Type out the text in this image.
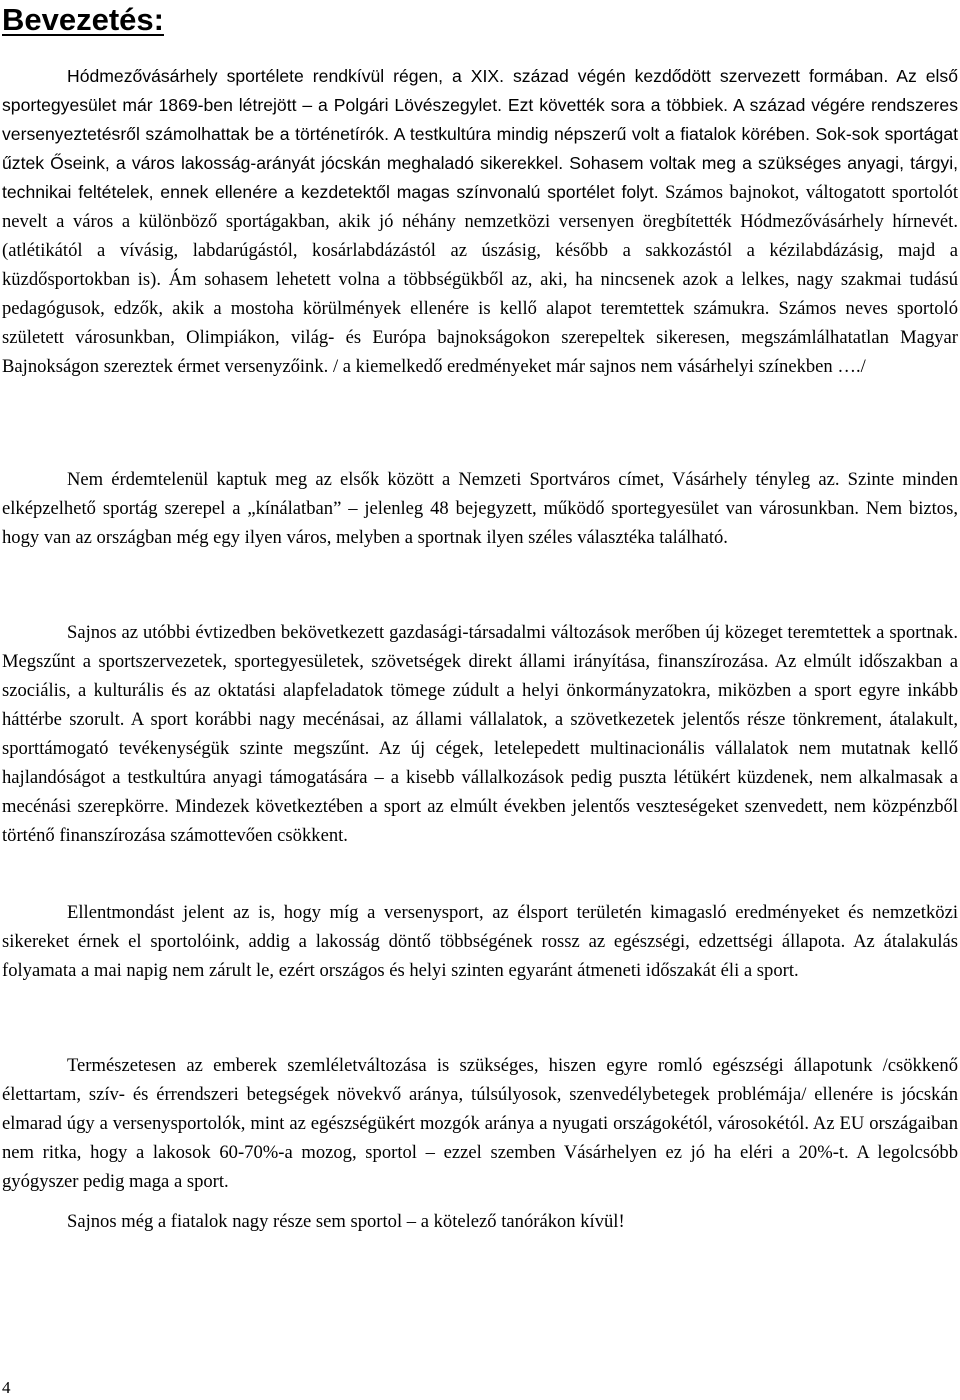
Bevezetés:

Hódmezővásárhely sportélete rendkívül régen, a XIX. század végén kezdődött szervezett formában. Az első sportegyesület már 1869-ben létrejött – a Polgári Lövészegylet. Ezt követték sora a többiek. A század végére rendszeres versenyeztetésről számolhattak be a történetírók. A testkultúra mindig népszerű volt a fiatalok körében. Sok-sok sportágat űztek Őseink, a város lakosság-arányát jócskán meghaladó sikerekkel. Sohasem voltak meg a szükséges anyagi, tárgyi, technikai feltételek, ennek ellenére a kezdetektől magas színvonalú sportélet folyt. Számos bajnokot, váltogatott sportolót nevelt a város a különböző sportágakban, akik jó néhány nemzetközi versenyen öregbítették Hódmezővásárhely hírnevét. (atlétikától a vívásig, labdarúgástól, kosárlabdázástól az úszásig, később a sakkozástól a kézilabdázásig, majd a küzdősportokban is). Ám sohasem lehetett volna a többségükből az, aki, ha nincsenek azok a lelkes, nagy szakmai tudású pedagógusok, edzők, akik a mostoha körülmények ellenére is kellő alapot teremtettek számukra. Számos neves sportoló született városunkban, Olimpiákon, világ- és Európa bajnokságokon szerepeltek sikeresen, megszámlálhatatlan Magyar Bajnokságon szereztek érmet versenyzőink. / a kiemelkedő eredményeket már sajnos nem vásárhelyi színekben …./

Nem érdemtelenül kaptuk meg az elsők között a Nemzeti Sportváros címet, Vásárhely tényleg az. Szinte minden elképzelhető sportág szerepel a „kínálatban” – jelenleg 48 bejegyzett, működő sportegyesület van városunkban. Nem biztos, hogy van az országban még egy ilyen város, melyben a sportnak ilyen széles választéka található.

Sajnos az utóbbi évtizedben bekövetkezett gazdasági-társadalmi változások merőben új közeget teremtettek a sportnak. Megszűnt a sportszervezetek, sportegyesületek, szövetségek direkt állami irányítása, finanszírozása. Az elmúlt időszakban a szociális, a kulturális és az oktatási alapfeladatok tömege zúdult a helyi önkormányzatokra, miközben a sport egyre inkább háttérbe szorult. A sport korábbi nagy mecénásai, az állami vállalatok, a szövetkezetek jelentős része tönkrement, átalakult, sporttámogató tevékenységük szinte megszűnt. Az új cégek, letelepedett multinacionális vállalatok nem mutatnak kellő hajlandóságot a testkultúra anyagi támogatására – a kisebb vállalkozások pedig puszta létükért küzdenek, nem alkalmasak a mecénási szerepkörre. Mindezek következtében a sport az elmúlt években jelentős veszteségeket szenvedett, nem közpénzből történő finanszírozása számottevően csökkent.

Ellentmondást jelent az is, hogy míg a versenysport, az élsport területén kimagasló eredményeket és nemzetközi sikereket érnek el sportolóink, addig a lakosság döntő többségének rossz az egészségi, edzettségi állapota. Az átalakulás folyamata a mai napig nem zárult le, ezért országos és helyi szinten egyaránt átmeneti időszakát éli a sport.

Természetesen az emberek szemléletváltozása is szükséges, hiszen egyre romló egészségi állapotunk /csökkenő élettartam, szív- és érrendszeri betegségek növekvő aránya, túlsúlyosok, szenvedélybetegek problémája/ ellenére is jócskán elmarad úgy a versenysportolók, mint az egészségükért mozgók aránya a nyugati országokétól, városokétól. Az EU országaiban nem ritka, hogy a lakosok 60-70%-a mozog, sportol – ezzel szemben Vásárhelyen ez jó ha eléri a 20%-t. A legolcsóbb gyógyszer pedig maga a sport.

Sajnos még a fiatalok nagy része sem sportol – a kötelező tanórákon kívül!

4
